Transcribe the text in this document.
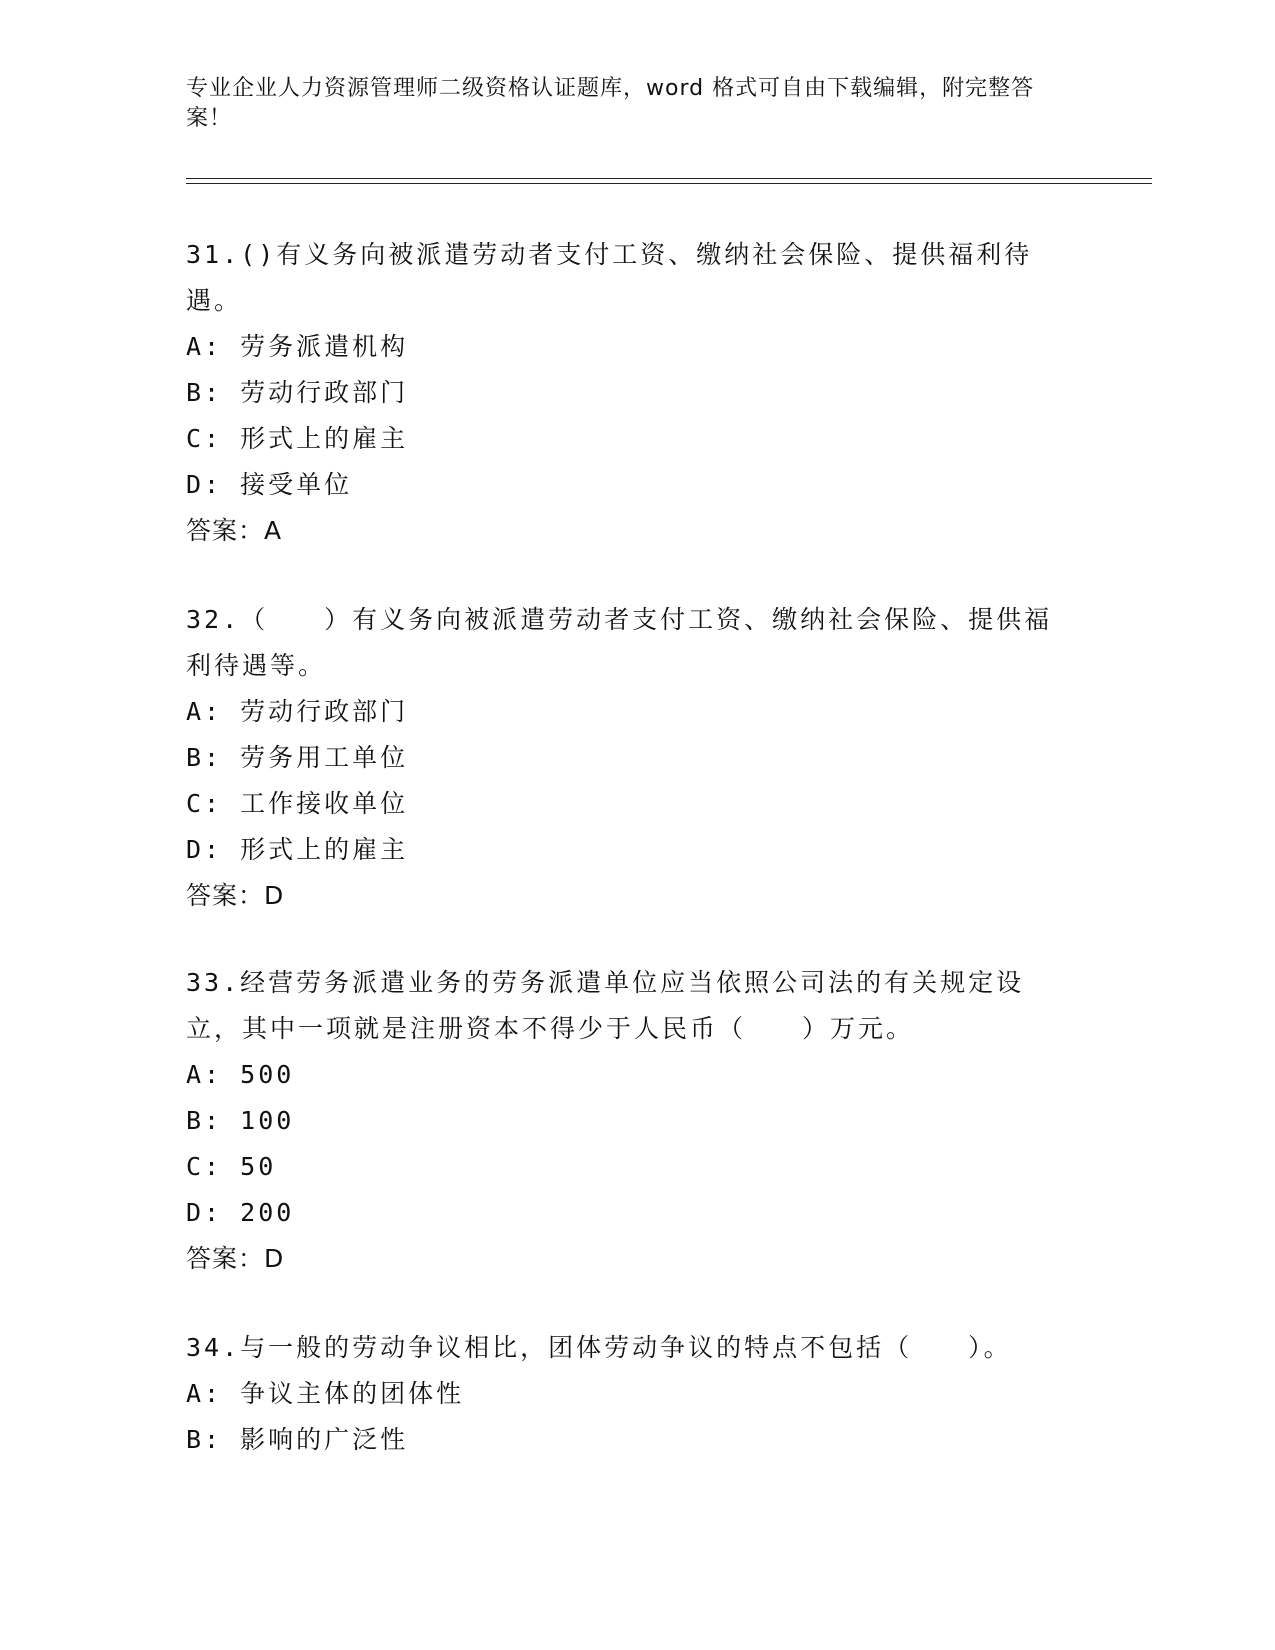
专业企业人力资源管理师二级资格认证题库，word 格式可自由下载编辑，附完整答案！

31.()有义务向被派遣劳动者支付工资、缴纳社会保险、提供福利待遇。

A: 劳务派遣机构
B: 劳动行政部门
C: 形式上的雇主
D: 接受单位
答案：A

32.（　　）有义务向被派遣劳动者支付工资、缴纳社会保险、提供福利待遇等。

A: 劳动行政部门
B: 劳务用工单位
C: 工作接收单位
D: 形式上的雇主
答案：D

33.经营劳务派遣业务的劳务派遣单位应当依照公司法的有关规定设立，其中一项就是注册资本不得少于人民币（　　）万元。

A: 500
B: 100
C: 50
D: 200
答案：D

34.与一般的劳动争议相比，团体劳动争议的特点不包括（　　）。

A: 争议主体的团体性
B: 影响的广泛性
